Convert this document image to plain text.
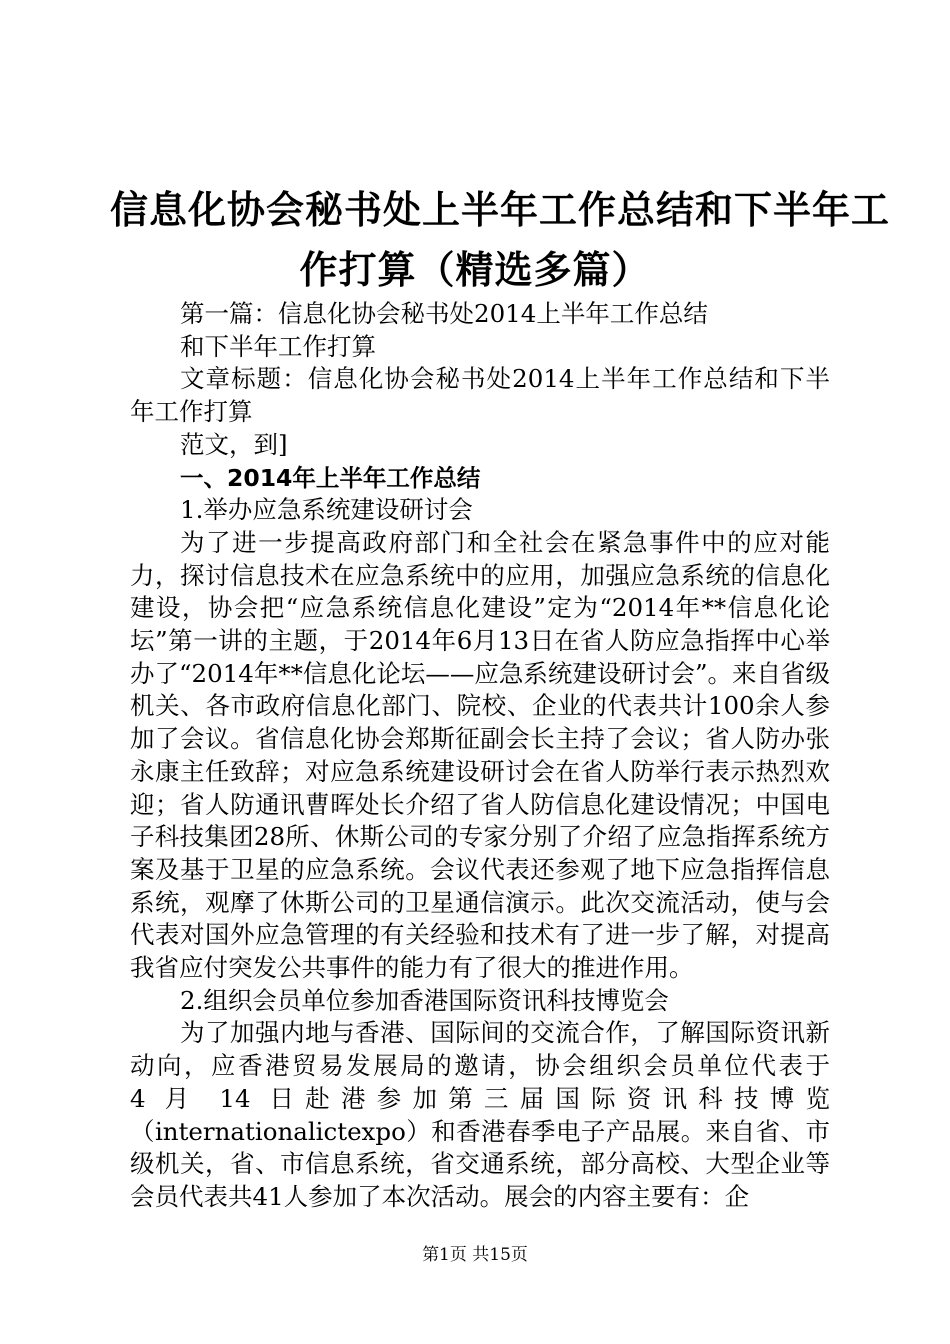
信息化协会秘书处上半年工作总结和下半年工
作打算（精选多篇）

第一篇：信息化协会秘书处2014上半年工作总结

和下半年工作打算

文章标题：信息化协会秘书处2014上半年工作总结和下半年工作打算

范文，到]

一、2014年上半年工作总结

1.举办应急系统建设研讨会

为了进一步提高政府部门和全社会在紧急事件中的应对能力，探讨信息技术在应急系统中的应用，加强应急系统的信息化建设，协会把“应急系统信息化建设”定为“2014年**信息化论坛”第一讲的主题，于2014年6月13日在省人防应急指挥中心举办了“2014年**信息化论坛——应急系统建设研讨会”。来自省级机关、各市政府信息化部门、院校、企业的代表共计100余人参加了会议。省信息化协会郑斯征副会长主持了会议；省人防办张永康主任致辞；对应急系统建设研讨会在省人防举行表示热烈欢迎；省人防通讯曹晖处长介绍了省人防信息化建设情况；中国电子科技集团28所、休斯公司的专家分别了介绍了应急指挥系统方案及基于卫星的应急系统。会议代表还参观了地下应急指挥信息系统，观摩了休斯公司的卫星通信演示。此次交流活动，使与会代表对国外应急管理的有关经验和技术有了进一步了解，对提高我省应付突发公共事件的能力有了很大的推进作用。

2.组织会员单位参加香港国际资讯科技博览会

为了加强内地与香港、国际间的交流合作，了解国际资讯新动向，应香港贸易发展局的邀请，协会组织会员单位代表于

4 月 14 日赴港参加第三届国际资讯科技博览

（internationalictexpo）和香港春季电子产品展。来自省、市级机关，省、市信息系统，省交通系统，部分高校、大型企业等会员代表共41人参加了本次活动。展会的内容主要有：企

第1页 共15页
